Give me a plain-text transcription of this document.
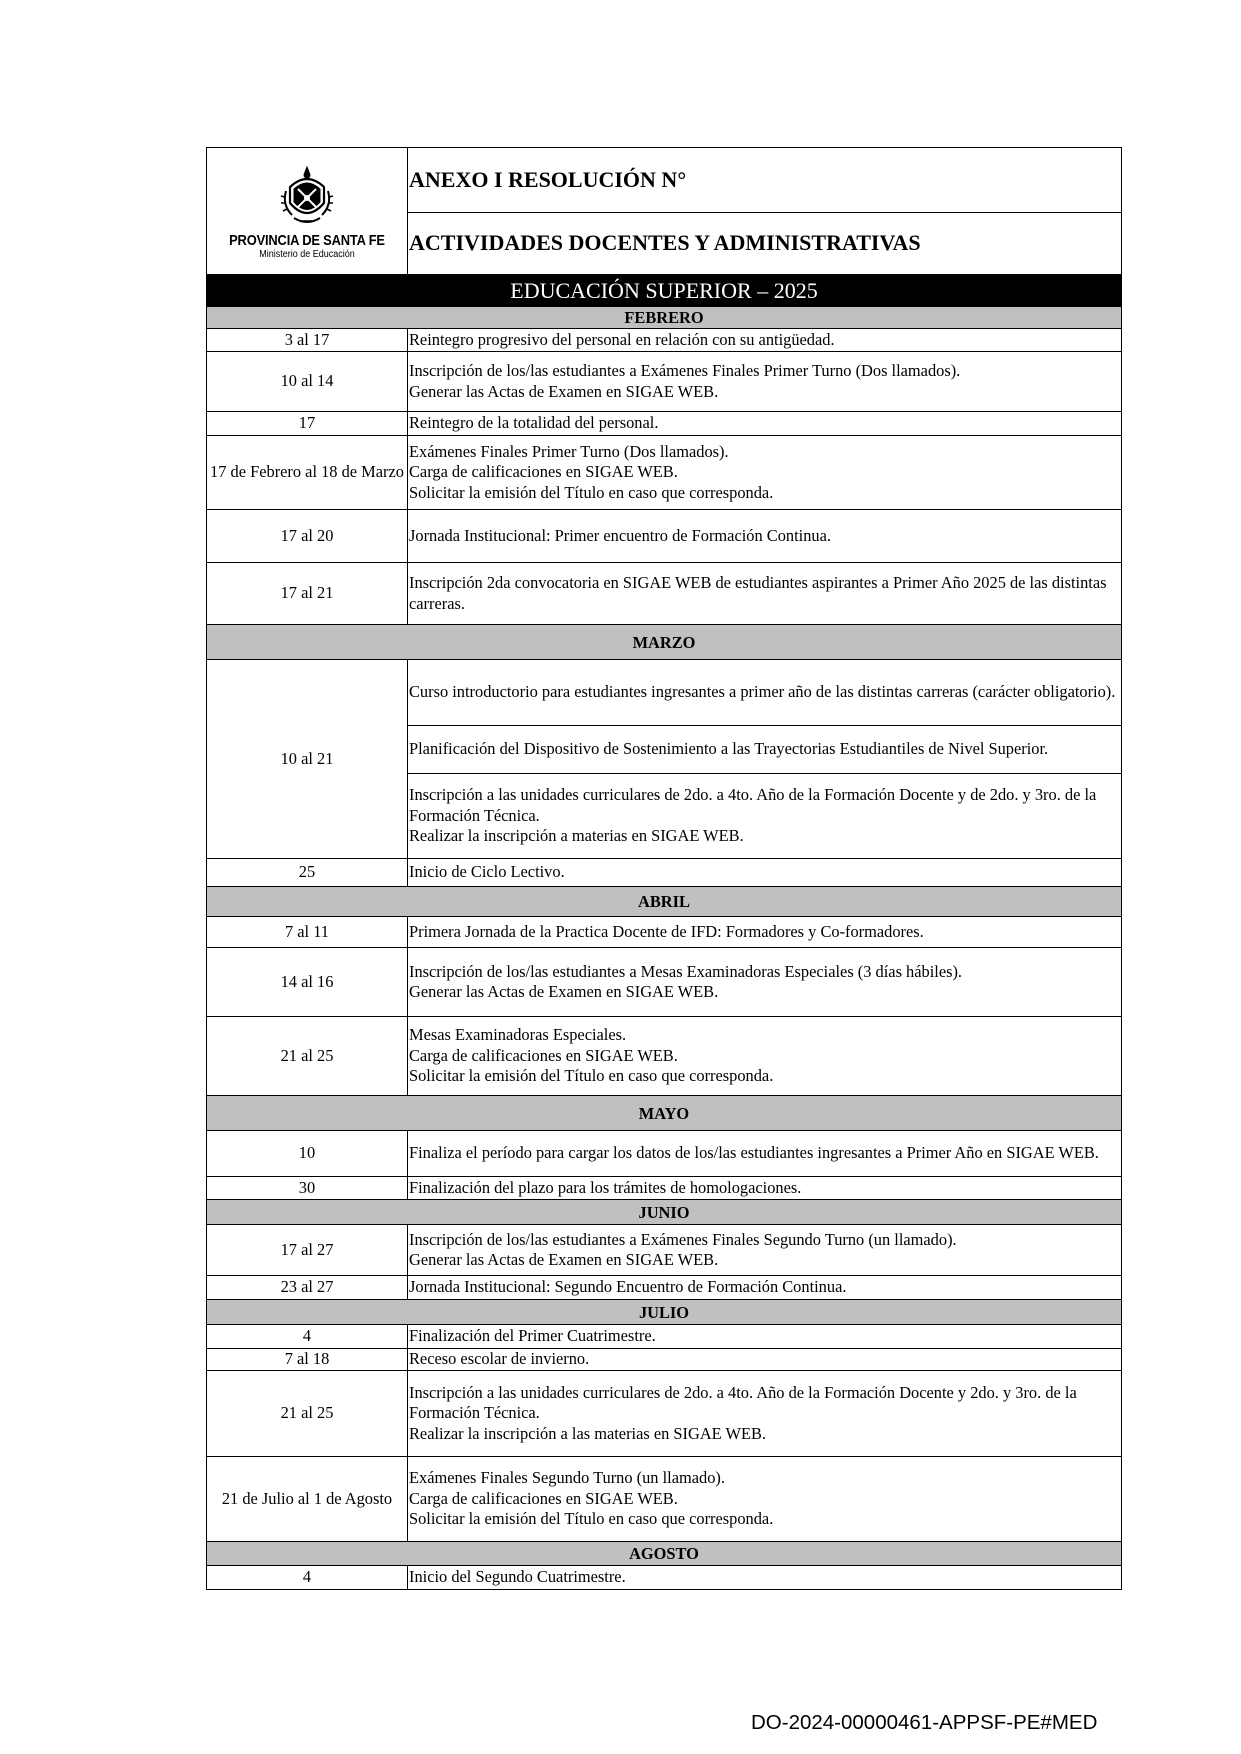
PROVINCIA DE SANTA FE
Ministerio de Educación	ANEXO I RESOLUCIÓN N°
	ACTIVIDADES DOCENTES Y ADMINISTRATIVAS
EDUCACIÓN SUPERIOR – 2025	
FEBRERO	
3 al 17	Reintegro progresivo del personal en relación con su antigüedad.

10 al 14	Inscripción de los/las estudiantes a Exámenes Finales Primer Turno (Dos llamados).
Generar las Actas de Examen en SIGAE WEB.

17	Reintegro de la totalidad del personal.

17 de Febrero al 18 de Marzo	Exámenes Finales Primer Turno (Dos llamados).
Carga de calificaciones en SIGAE WEB.
Solicitar la emisión del Título en caso que corresponda.

17 al 20	Jornada Institucional: Primer encuentro de Formación Continua.

17 al 21	Inscripción 2da convocatoria en SIGAE WEB de estudiantes aspirantes a Primer Año 2025 de las distintas carreras.

MARZO	
10 al 21	Curso introductorio para estudiantes ingresantes a primer año de las distintas carreras (carácter obligatorio).

	Planificación del Dispositivo de Sostenimiento a las Trayectorias Estudiantiles de Nivel Superior.

	Inscripción a las unidades curriculares de 2do. a 4to. Año de la Formación Docente y de 2do. y 3ro. de la Formación Técnica.
Realizar la inscripción a materias en SIGAE WEB.

25	Inicio de Ciclo Lectivo.

ABRIL	
7 al 11	Primera Jornada de la Practica Docente de IFD: Formadores y Co-formadores.

14 al 16	Inscripción de los/las estudiantes a Mesas Examinadoras Especiales (3 días hábiles).
Generar las Actas de Examen en SIGAE WEB.

21 al 25	Mesas Examinadoras Especiales.
Carga de calificaciones en SIGAE WEB.
Solicitar la emisión del Título en caso que corresponda.

MAYO	
10	Finaliza el período para cargar los datos de los/las estudiantes ingresantes a Primer Año en SIGAE WEB.

30	Finalización del plazo para los trámites de homologaciones.

JUNIO	
17 al 27	Inscripción de los/las estudiantes a Exámenes Finales Segundo Turno (un llamado).
Generar las Actas de Examen en SIGAE WEB.

23 al 27	Jornada Institucional: Segundo Encuentro de Formación Continua.

JULIO	
4	Finalización del Primer Cuatrimestre.

7 al 18	Receso escolar de invierno.

21 al 25	Inscripción a las unidades curriculares de 2do. a 4to. Año de la Formación Docente y 2do. y 3ro. de la Formación Técnica.
Realizar la inscripción a las materias en SIGAE WEB.

21 de Julio al 1 de Agosto	Exámenes Finales Segundo Turno (un llamado).
Carga de calificaciones en SIGAE WEB.
Solicitar la emisión del Título en caso que corresponda.

AGOSTO	
4	Inicio del Segundo Cuatrimestre.
DO-2024-00000461-APPSF-PE#MED
